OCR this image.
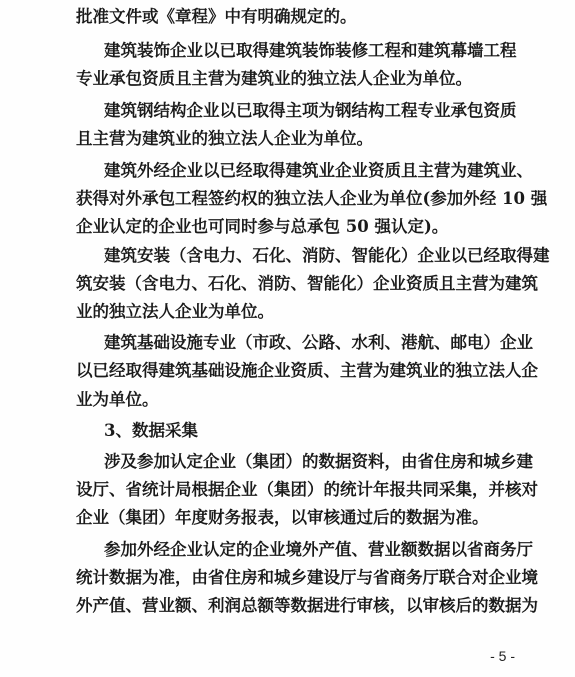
批准文件或《章程》中有明确规定的。

建筑装饰企业以已取得建筑装饰装修工程和建筑幕墙工程

专业承包资质且主营为建筑业的独立法人企业为单位。

建筑钢结构企业以已取得主项为钢结构工程专业承包资质

且主营为建筑业的独立法人企业为单位。

建筑外经企业以已经取得建筑业企业资质且主营为建筑业、

获得对外承包工程签约权的独立法人企业为单位(参加外经 10 强

企业认定的企业也可同时参与总承包 50 强认定)。

建筑安装（含电力、石化、消防、智能化）企业以已经取得建

筑安装（含电力、石化、消防、智能化）企业资质且主营为建筑

业的独立法人企业为单位。

建筑基础设施专业（市政、公路、水利、港航、邮电）企业

以已经取得建筑基础设施企业资质、主营为建筑业的独立法人企

业为单位。

3、数据采集

涉及参加认定企业（集团）的数据资料，由省住房和城乡建

设厅、省统计局根据企业（集团）的统计年报共同采集，并核对

企业（集团）年度财务报表，以审核通过后的数据为准。

参加外经企业认定的企业境外产值、营业额数据以省商务厅

统计数据为准，由省住房和城乡建设厅与省商务厅联合对企业境

外产值、营业额、利润总额等数据进行审核，以审核后的数据为

- 5 -
